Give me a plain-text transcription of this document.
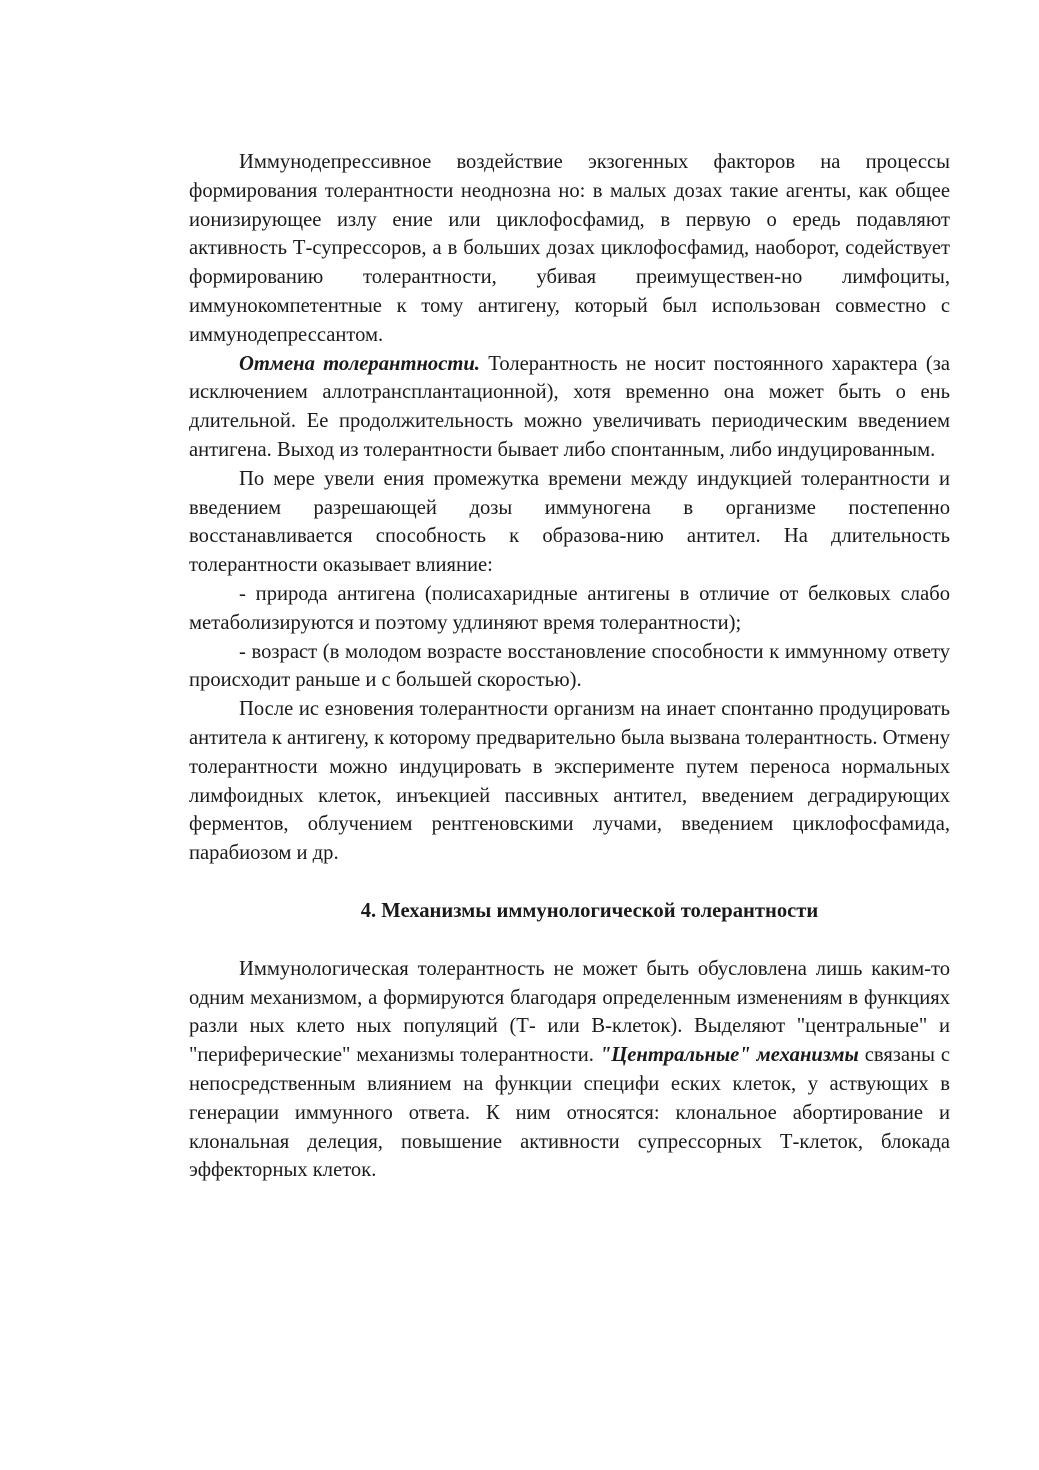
Иммунодепрессивное воздействие экзогенных факторов на процессы формирования толерантности неоднозна но: в малых дозах такие агенты, как общее ионизирующее излу ение или циклофосфамид, в первую о ередь подавляют активность Т-супрессоров, а в больших дозах циклофосфамид, наоборот, содействует формированию толерантности, убивая преимуществен-но лимфоциты, иммунокомпетентные к тому антигену, который был использован совместно с иммунодепрессантом.

Отмена толерантности. Толерантность не носит постоянного характера (за исключением аллотрансплантационной), хотя временно она может быть о ень длительной. Ее продолжительность можно увеличивать периодическим введением антигена. Выход из толерантности бывает либо спонтанным, либо индуцированным.

По мере увели ения промежутка времени между индукцией толерантности и введением разрешающей дозы иммуногена в организме постепенно восстанавливается способность к образова-нию антител. На длительность толерантности оказывает влияние:

- природа антигена (полисахаридные антигены в отличие от белковых слабо метаболизируются и поэтому удлиняют время толерантности);

- возраст (в молодом возрасте восстановление способности к иммунному ответу происходит раньше и с большей скоростью).

После ис езновения толерантности организм на инает спонтанно продуцировать антитела к антигену, к которому предварительно была вызвана толерантность. Отмену толерантности можно индуцировать в эксперименте путем переноса нормальных лимфоидных клеток, инъекцией пассивных антител, введением деградирующих ферментов, облучением рентгеновскими лучами, введением циклофосфамида, парабиозом и др.

4. Механизмы иммунологической толерантности

Иммунологическая толерантность не может быть обусловлена лишь каким-то одним механизмом, а формируются благодаря определенным изменениям в функциях разли ных клето ных популяций (Т- или В-клеток). Выделяют "центральные" и "периферические" механизмы толерантности. "Центральные" механизмы связаны с непосредственным влиянием на функции специфи еских клеток, у аствующих в генерации иммунного ответа. К ним относятся: клональное абортирование и клональная делеция, повышение активности супрессорных Т-клеток, блокада эффекторных клеток.
